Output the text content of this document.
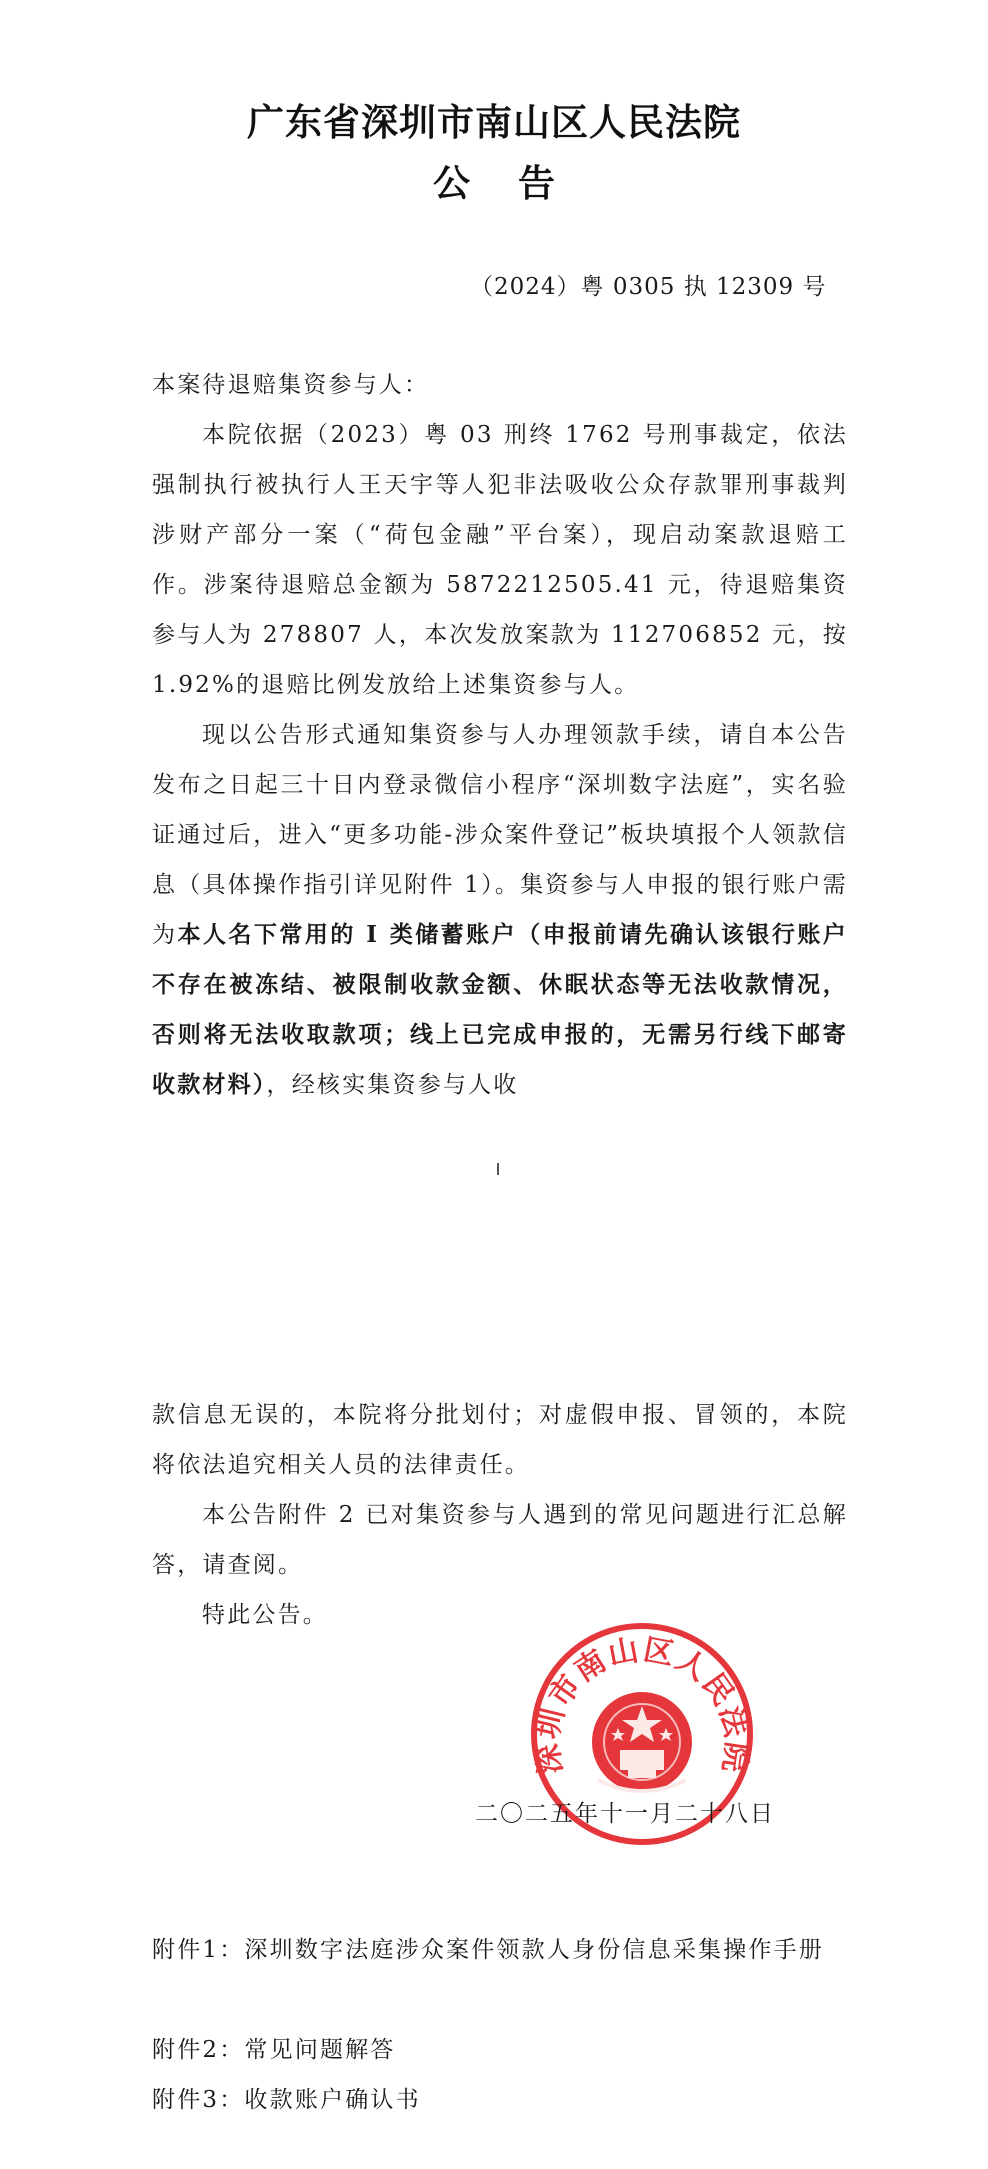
广东省深圳市南山区人民法院
公告
（2024）粤 0305 执 12309 号

本案待退赔集资参与人：

本院依据（2023）粤 03 刑终 1762 号刑事裁定，依法强制执行被执行人王天宇等人犯非法吸收公众存款罪刑事裁判涉财产部分一案（“荷包金融”平台案），现启动案款退赔工作。涉案待退赔总金额为 5872212505.41 元，待退赔集资参与人为 278807 人，本次发放案款为 112706852 元，按 1.92%的退赔比例发放给上述集资参与人。

现以公告形式通知集资参与人办理领款手续，请自本公告发布之日起三十日内登录微信小程序“深圳数字法庭”，实名验证通过后，进入“更多功能-涉众案件登记”板块填报个人领款信息（具体操作指引详见附件 1）。集资参与人申报的银行账户需为本人名下常用的 I 类储蓄账户（申报前请先确认该银行账户不存在被冻结、被限制收款金额、休眠状态等无法收款情况，否则将无法收取款项；线上已完成申报的，无需另行线下邮寄收款材料），经核实集资参与人收

款信息无误的，本院将分批划付；对虚假申报、冒领的，本院将依法追究相关人员的法律责任。

本公告附件 2 已对集资参与人遇到的常见问题进行汇总解答，请查阅。

特此公告。

深圳市南山区人民法院
二〇二五年十一月二十八日

附件1：深圳数字法庭涉众案件领款人身份信息采集操作手册

附件2：常见问题解答

附件3：收款账户确认书
